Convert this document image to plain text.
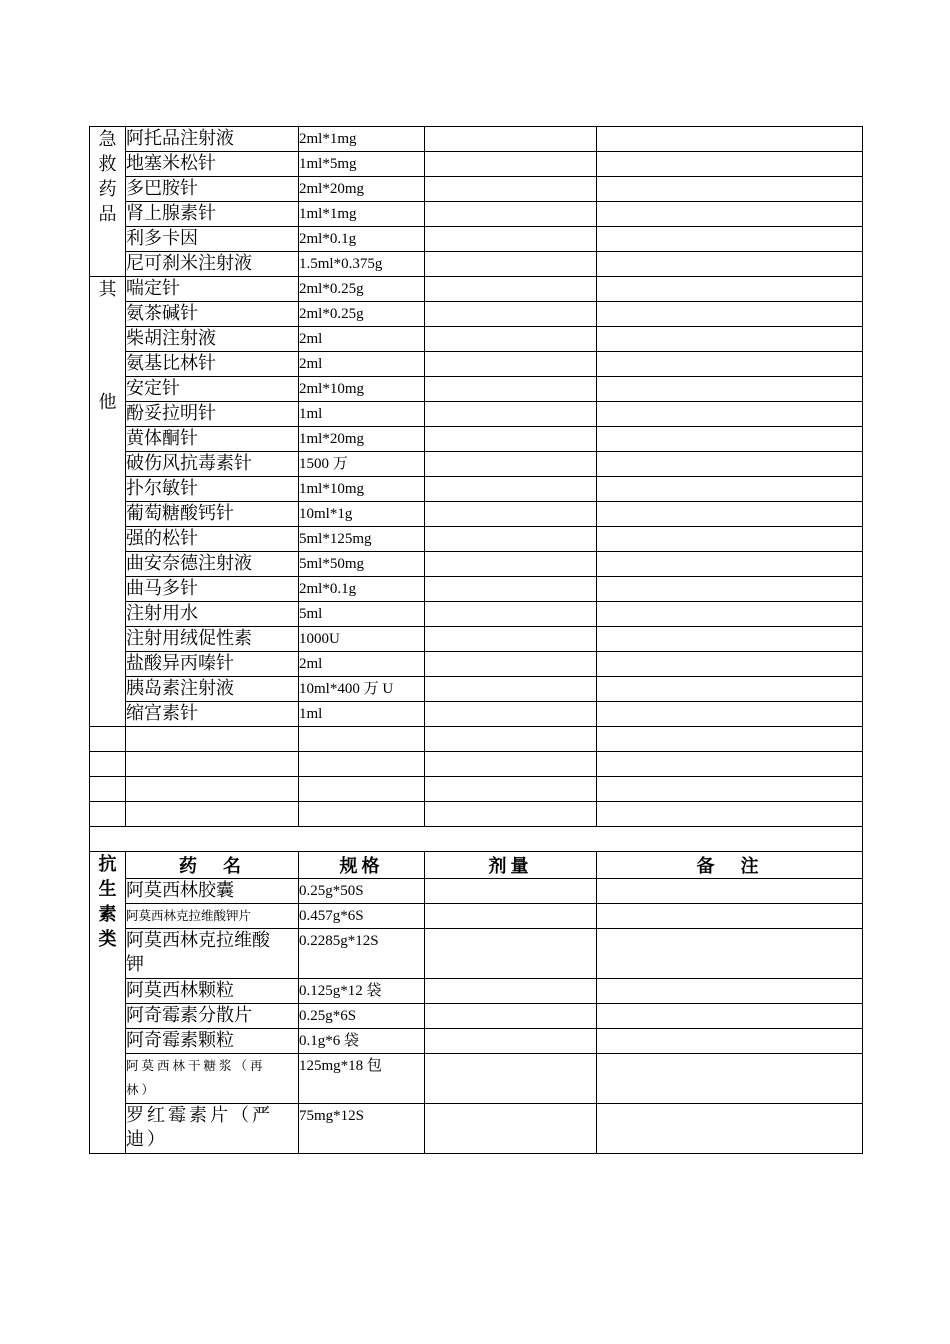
急
救
药
品	阿托品注射液	2ml*1mg		
	地塞米松针	1ml*5mg		
	多巴胺针	2ml*20mg		
	肾上腺素针	1ml*1mg		
	利多卡因	2ml*0.1g		
	尼可刹米注射液	1.5ml*0.375g		

其
他	喘定针	2ml*0.25g		
	氨茶碱针	2ml*0.25g		
	柴胡注射液	2ml		
	氨基比林针	2ml		
	安定针	2ml*10mg		
	酚妥拉明针	1ml		
	黄体酮针	1ml*20mg		
	破伤风抗毒素针	1500 万		
	扑尔敏针	1ml*10mg		
	葡萄糖酸钙针	10ml*1g		
	强的松针	5ml*125mg		
	曲安奈德注射液	5ml*50mg		
	曲马多针	2ml*0.1g		
	注射用水	5ml		
	注射用绒促性素	1000U		
	盐酸异丙嗪针	2ml		
	胰岛素注射液	10ml*400 万 U		
	缩宫素针	1ml		

抗
生
素
类	药　名	规格	剂量	备　注
	阿莫西林胶囊	0.25g*50S		
	阿莫西林克拉维酸钾片	0.457g*6S		

	阿莫西林克拉维酸
钾	0.2285g*12S		
	阿莫西林颗粒	0.125g*12 袋		
	阿奇霉素分散片	0.25g*6S		
	阿奇霉素颗粒	0.1g*6 袋		

	阿莫西林干糖浆（再
林）	125mg*18 包		

	罗红霉素片（严
迪）	75mg*12S		
